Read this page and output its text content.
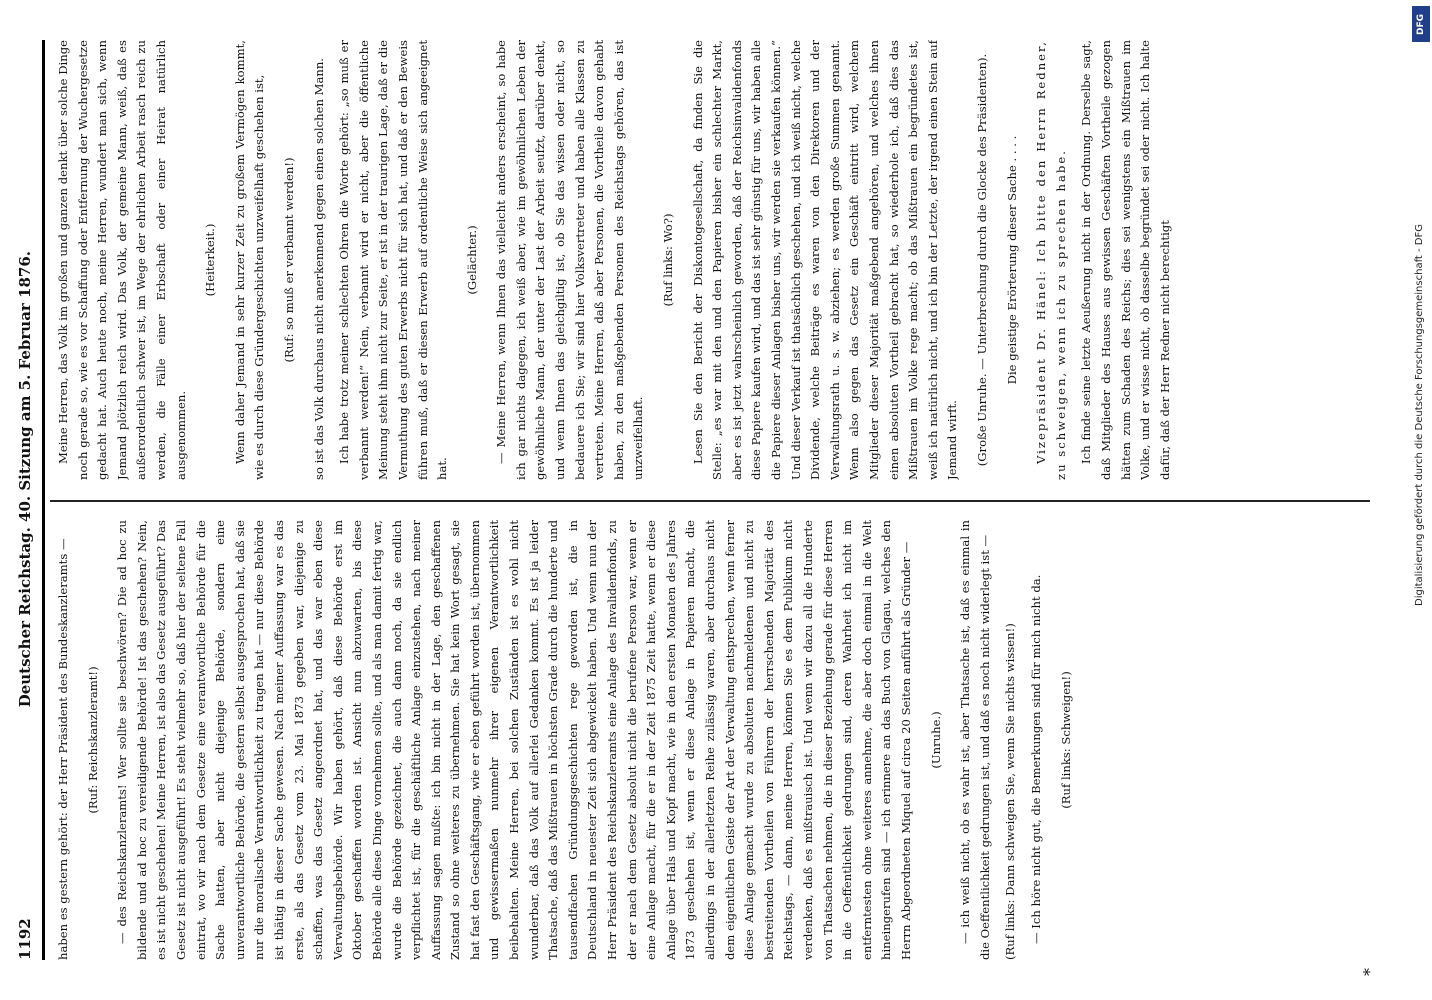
1192
Deutscher Reichstag. 40. Sitzung am 5. Februar 1876.

haben es gestern gehört: der Herr Präsident des Bundeskanzleramts —	(Ruf: Reichskanzleramt!)	— des Reichskanzleramts! Wer sollte sie beschwören? Die ad hoc zu bildende und ad hoc zu vereidigende Behörde! Ist das geschehen? Nein, es ist nicht geschehen! Meine Herren, ist also das Gesetz ausgeführt? Das Gesetz ist nicht ausgeführt! Es steht vielmehr so, daß hier der seltene Fall eintrat, wo wir nach dem Gesetze eine verantwortliche Behörde für die Sache hatten, aber nicht diejenige Behörde, sondern eine unverantwortliche Behörde, die gestern selbst ausgesprochen hat, daß sie nur die moralische Verantwortlichkeit zu tragen hat — nur diese Behörde ist thätig in dieser Sache gewesen. Nach meiner Auffassung war es das erste, als das Gesetz vom 23. Mai 1873 gegeben war, diejenige zu schaffen, was das Gesetz angeordnet hat, und das war eben diese Verwaltungsbehörde. Wir haben gehört, daß diese Behörde erst im Oktober geschaffen worden ist. Ansicht nun abzuwarten, bis diese Behörde alle diese Dinge vornehmen sollte, und als man damit fertig war, wurde die Behörde gezeichnet, die auch dann noch, da sie endlich verpflichtet ist, für die geschäftliche Anlage einzustehen, nach meiner Auffassung sagen mußte: ich bin nicht in der Lage, den geschaffenen Zustand so ohne weiteres zu übernehmen. Sie hat kein Wort gesagt, sie hat fast den Geschäftsgang, wie er eben geführt worden ist, übernommen und gewissermaßen nunmehr ihrer eigenen Verantwortlichkeit beibehalten. Meine Herren, bei solchen Zuständen ist es wohl nicht wunderbar, daß das Volk auf allerlei Gedanken kommt. Es ist ja leider Thatsache, daß das Mißtrauen in höchsten Grade durch die hunderte und tausendfachen Gründungsgeschichten rege geworden ist, die in Deutschland in neuester Zeit sich abgewickelt haben. Und wenn nun der Herr Präsident des Reichskanzleramts eine Anlage des Invalidenfonds, zu der er nach dem Gesetz absolut nicht die berufene Person war, wenn er eine Anlage macht, für die er in der Zeit 1875 Zeit hatte, wenn er diese Anlage über Hals und Kopf macht, wie in den ersten Monaten des Jahres 1873 geschehen ist, wenn er diese Anlage in Papieren macht, die allerdings in der allerletzten Reihe zulässig waren, aber durchaus nicht dem eigentlichen Geiste der Art der Verwaltung entsprechen, wenn ferner diese Anlage gemacht wurde zu absoluten nachmeldenen und nicht zu bestreitenden Vortheilen von Führern der herrschenden Majorität des Reichstags, — dann, meine Herren, können Sie es dem Publikum nicht verdenken, daß es mißtrauisch ist. Und wenn wir dazu all die Hunderte von Thatsachen nehmen, die in dieser Beziehung gerade für diese Herren in die Oeffentlichkeit gedrungen sind, deren Wahrheit ich nicht im entferntesten ohne weiteres annehme, die aber doch einmal in die Welt hineingerufen sind — ich erinnere an das Buch von Glagau, welches den Herrn Abgeordneten Miquel auf circa 20 Seiten anführt als Gründer —	(Unruhe.)	— ich weiß nicht, ob es wahr ist, aber Thatsache ist, daß es einmal in die Oeffentlichkeit gedrungen ist, und daß es noch nicht widerlegt ist — (Ruf links: Dann schweigen Sie, wenn Sie nichts wissen!) — Ich höre nicht gut, die Bemerkungen sind für mich nicht da.	(Ruf links: Schweigen!)

Meine Herren, das Volk im großen und ganzen denkt über solche Dinge noch gerade so, wie es vor Schaffung oder Entfernung der Wuchergesetze gedacht hat. Auch heute noch, meine Herren, wundert man sich, wenn Jemand plötzlich reich wird. Das Volk, der gemeine Mann, weiß, daß es außerordentlich schwer ist, im Wege der ehrlichen Arbeit rasch reich zu werden, die Fälle einer Erbschaft oder einer Heirat natürlich ausgenommen.

(Heiterkeit.)	Wenn daher Jemand in sehr kurzer Zeit zu großem Vermögen kommt, wie es durch diese Gründergeschichten unzweifelhaft geschehen ist,	(Ruf: so muß er verbannt werden!)	so ist das Volk durchaus nicht anerkennend gegen einen solchen Mann. Ich habe trotz meiner schlechten Ohren die Worte gehört: „so muß er verbannt werden!“ Nein, verbannt wird er nicht, aber die öffentliche Meinung steht ihm nicht zur Seite, er ist in der traurigen Lage, daß er die Vermuthung des guten Erwerbs nicht für sich hat, und daß er den Beweis führen muß, daß er diesen Erwerb auf ordentliche Weise sich angeeignet hat.

(Gelächter.)	— Meine Herren, wenn Ihnen das vielleicht anders erscheint, so habe ich gar nichts dagegen, ich weiß aber, wie im gewöhnlichen Leben der gewöhnliche Mann, der unter der Last der Arbeit seufzt, darüber denkt, und wenn Ihnen das gleichgiltig ist, ob Sie das wissen oder nicht, so bedauere ich Sie; wir sind hier Volksvertreter und haben alle Klassen zu vertreten. Meine Herren, daß aber Personen, die Vortheile davon gehabt haben, zu den maßgebenden Personen des Reichstags gehören, das ist unzweifelhaft.

(Ruf links: Wo?)	Lesen Sie den Bericht der Diskontogesellschaft, da finden Sie die Stelle: „es war mit den und den Papieren bisher ein schlechter Markt, aber es ist jetzt wahrscheinlich geworden, daß der Reichsinvalidenfonds diese Papiere kaufen wird, und das ist sehr günstig für uns, wir haben alle die Papiere dieser Anlagen bisher uns, wir werden sie verkaufen können.“ Und dieser Verkauf ist thatsächlich geschehen, und ich weiß nicht, welche Dividende, welche Beiträge es waren von den Direktoren und der Verwaltungsrath u. s. w. abziehen; es werden große Summen genannt. Wenn also gegen das Gesetz ein Geschäft eintritt wird, welchem Mitglieder dieser Majorität maßgebend angehören, und welches ihnen einen absoluten Vortheil gebracht hat, so wiederhole ich, daß dies das Mißtrauen im Volke rege macht; ob das Mißtrauen ein begründetes ist, weiß ich natürlich nicht, und ich bin der Letzte, der irgend einen Stein auf Jemand wirft.	(Große Unruhe. — Unterbrechung durch die Glocke des Präsidenten).	Die geistige Erörterung dieser Sache . . . .	Vizepräsident Dr. Hänel: Ich bitte den Herrn Redner, zu schweigen, wenn ich zu sprechen habe. Ich finde seine letzte Aeußerung nicht in der Ordnung. Derselbe sagt, daß Mitglieder des Hauses aus gewissen Geschäften Vortheile gezogen hätten zum Schaden des Reichs; dies sei wenigstens ein Mißtrauen im Volke, und er wisse nicht, ob dasselbe begründet sei oder nicht. Ich halte dafür, daß der Herr Redner nicht berechtigt

*
DFG
Digitalisierung gefördert durch die Deutsche Forschungsgemeinschaft - DFG
